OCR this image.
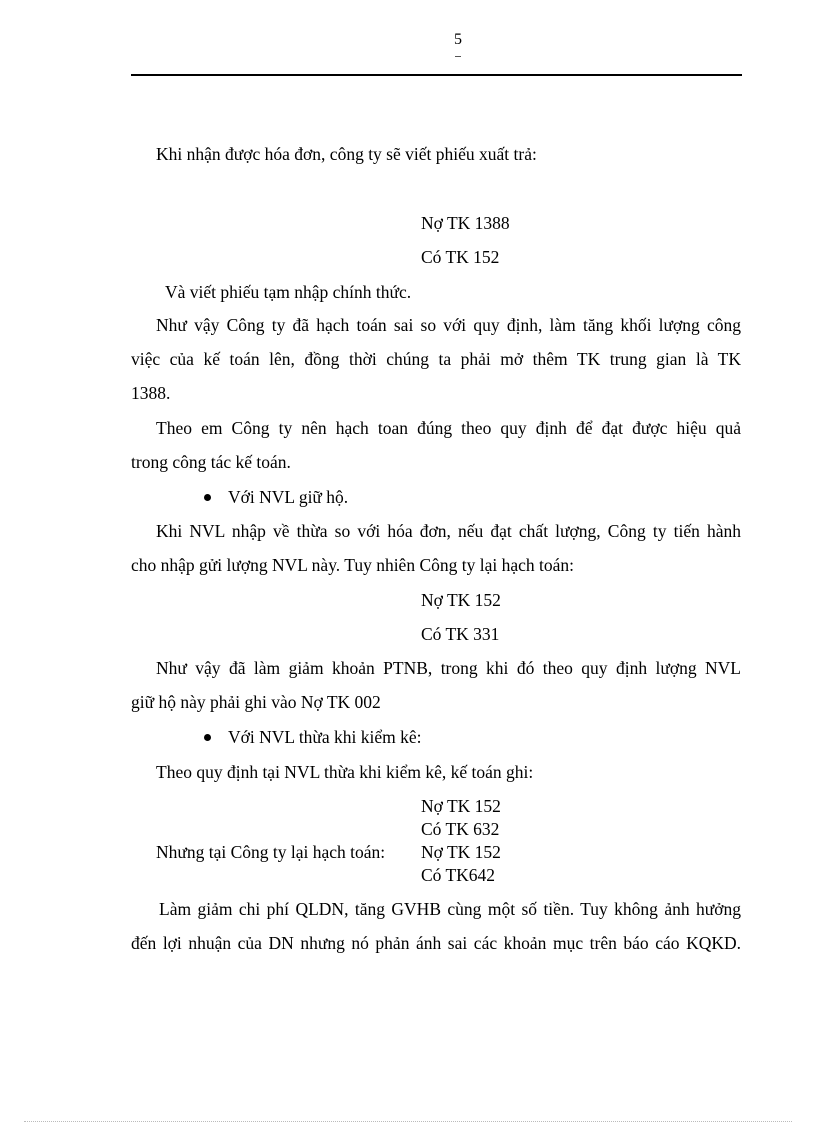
5
Khi nhận được hóa đơn, công ty sẽ viết phiếu xuất trả:
Nợ TK 1388
Có TK 152
Và viết phiếu tạm nhập chính thức.
Như vậy Công ty đã hạch toán sai so với quy định, làm tăng khối lượng công
việc của kế toán lên, đồng thời chúng ta phải mở thêm TK trung gian là TK
1388.
Theo em Công ty nên hạch toan đúng theo quy định để đạt được hiệu quả
trong công tác kế toán.
Với NVL giữ hộ.
Khi NVL nhập về thừa so với hóa đơn, nếu đạt chất lượng, Công ty tiến hành
cho nhập gửi lượng NVL này. Tuy nhiên Công ty lại hạch toán:
Nợ TK 152
Có TK 331
Như vậy đã làm giảm khoản PTNB, trong khi đó theo quy định lượng NVL
giữ hộ này phải ghi vào Nợ TK 002
Với NVL thừa khi kiểm kê:
Theo quy định tại NVL thừa khi kiểm kê, kế toán ghi:
Nợ TK 152
Có TK 632
Nhưng tại Công ty lại hạch toán: Nợ TK 152
Có TK642
Làm giảm chi phí QLDN, tăng GVHB cùng một số tiền. Tuy không ảnh hưởng
đến lợi nhuận của DN nhưng nó phản ánh sai các khoản mục trên báo cáo KQKD.
